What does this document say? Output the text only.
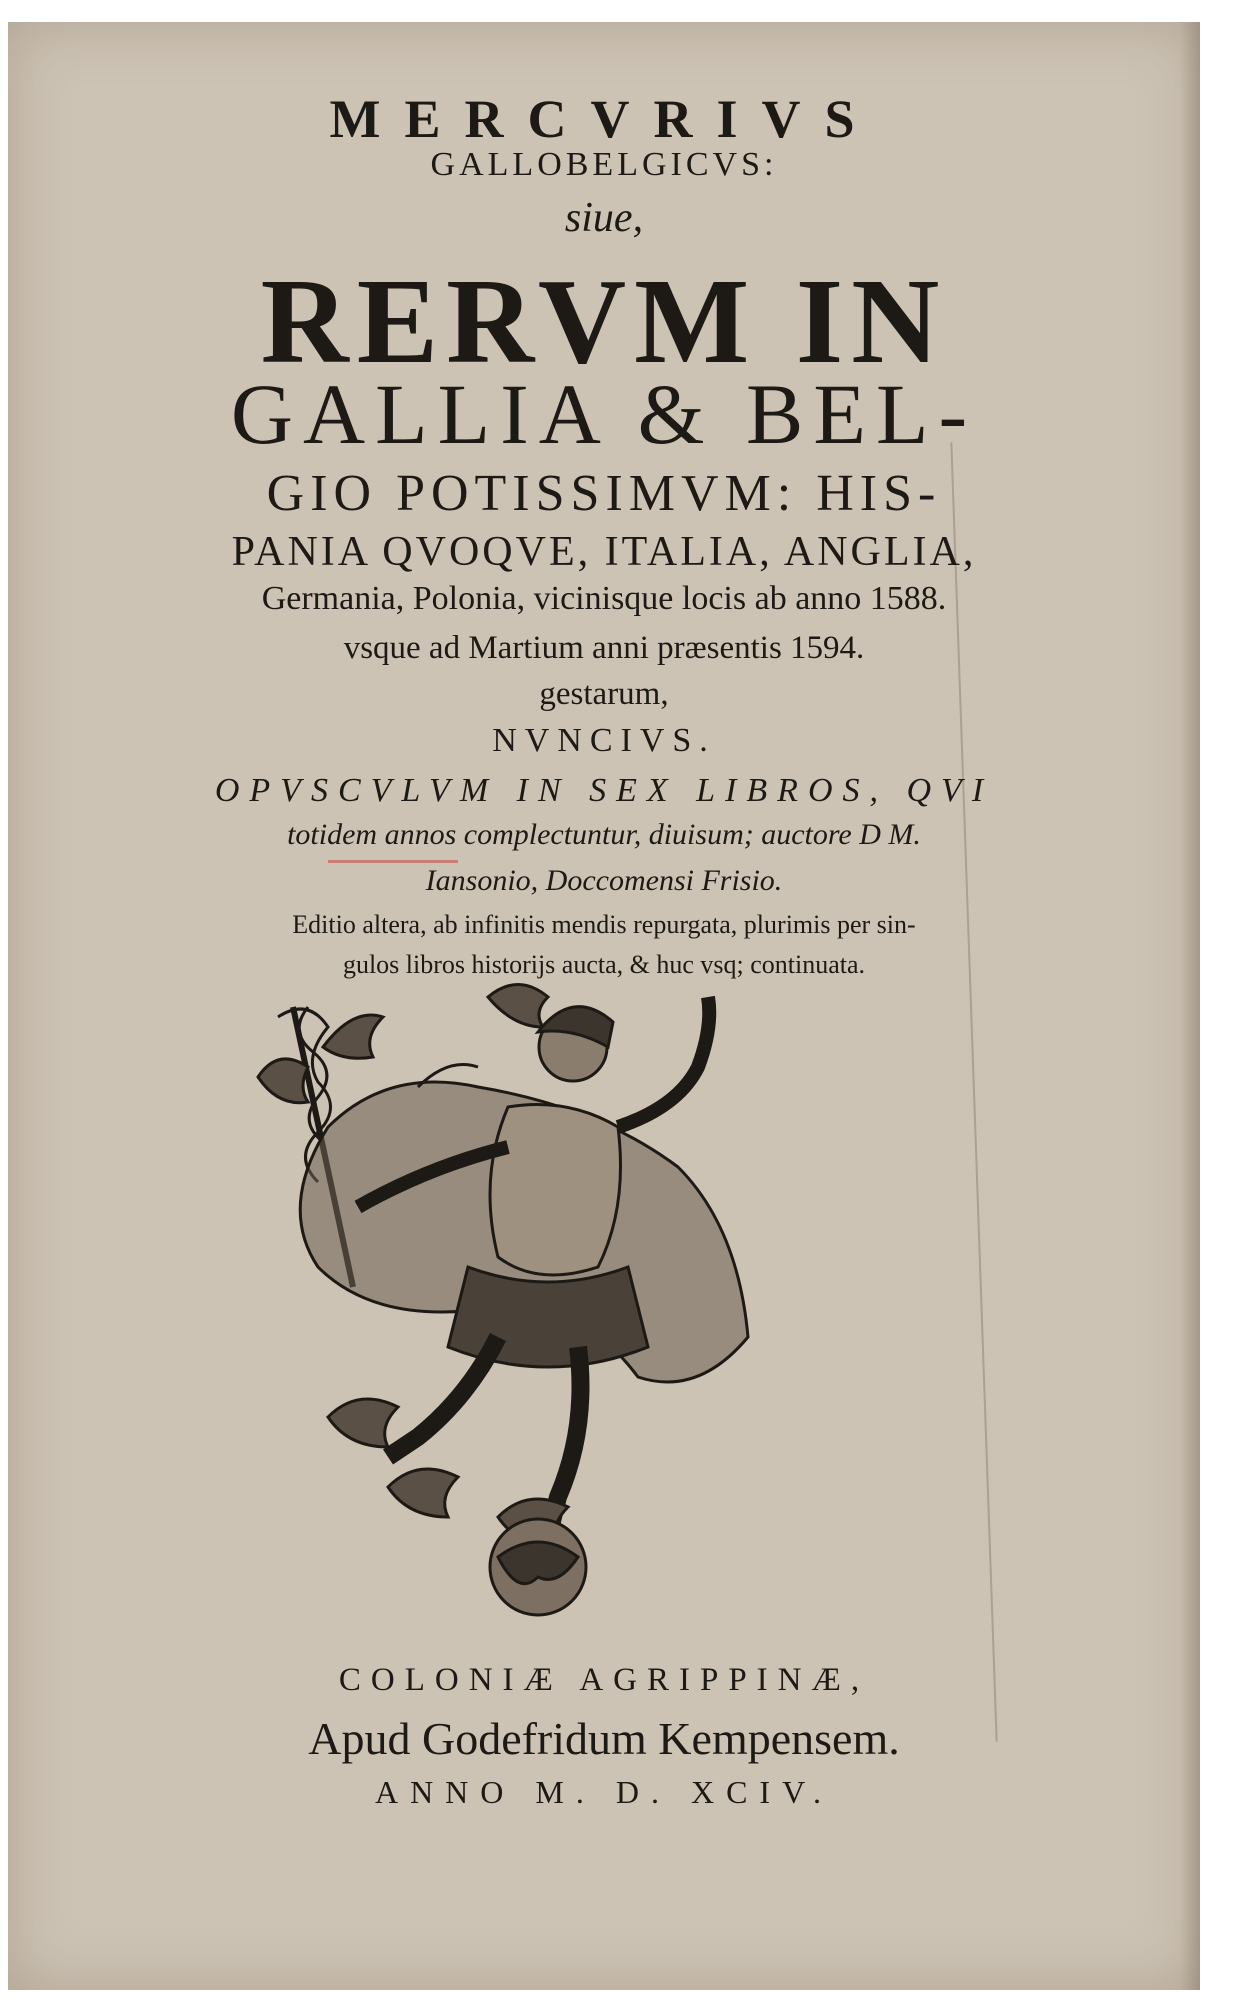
MERCVRIVS
GALLOBELGICVS:
siue,
RERVM IN
GALLIA & BEL-
GIO POTISSIMVM: HIS-
PANIA QVOQVE, ITALIA, ANGLIA,
Germania, Polonia, vicinisque locis ab anno 1588.
vsque ad Martium anni præsentis 1594.
gestarum,
NVNCIVS.
OPVSCVLVM IN SEX LIBROS, QVI
totidem annos complectuntur, diuisum; auctore D M.
Iansonio, Doccomensi Frisio.
Editio altera, ab infinitis mendis repurgata, plurimis per sin-
gulos libros historijs aucta, & huc vsq; continuata.
COLONIÆ AGRIPPINÆ,
Apud Godefridum Kempensem.
ANNO M. D. XCIV.
